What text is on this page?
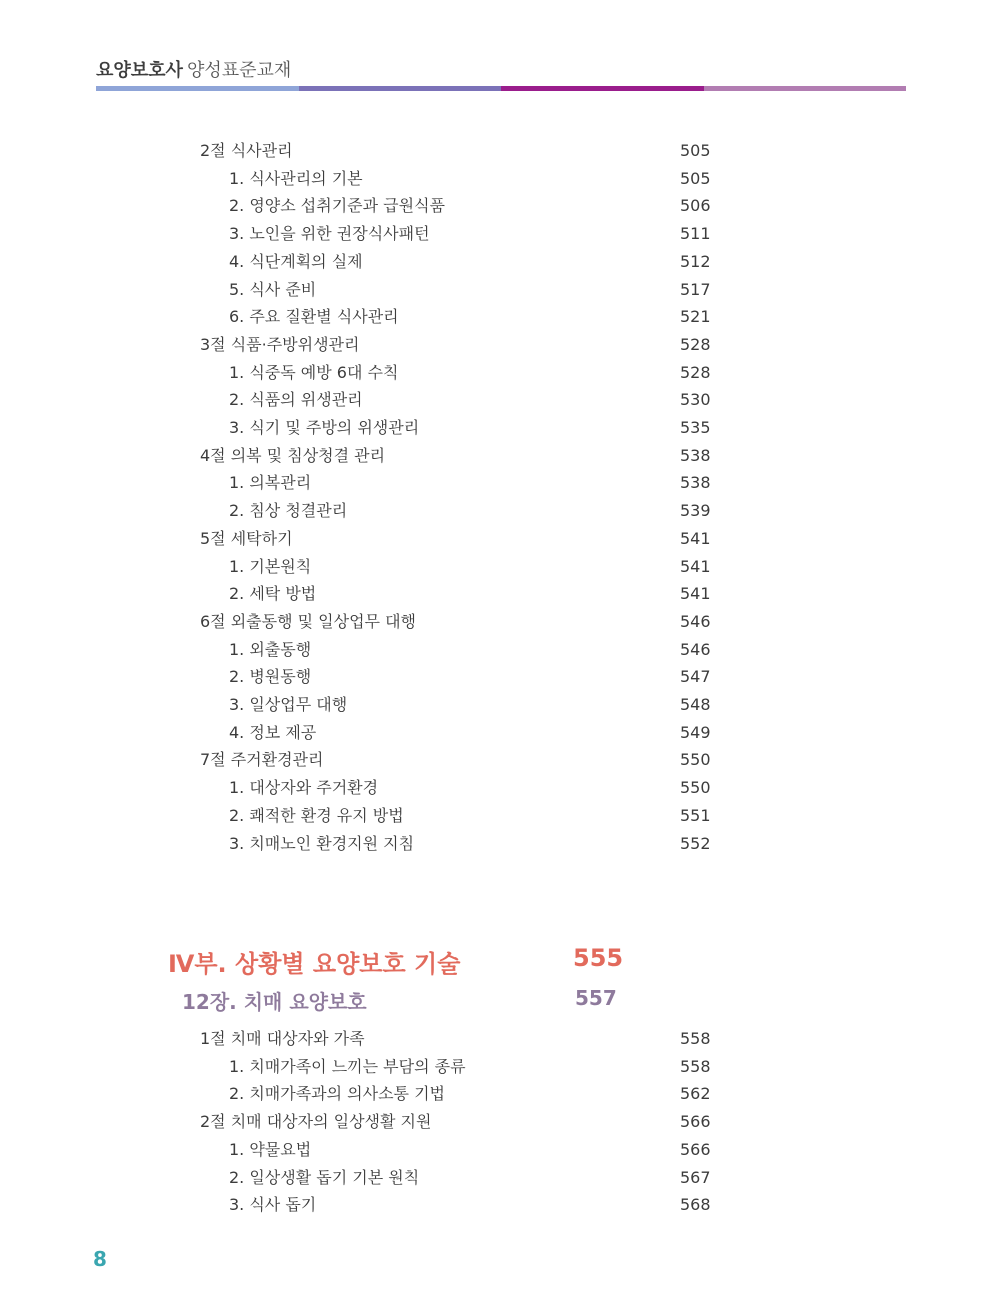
요양보호사 양성표준교재
2절 식사관리	505
1. 식사관리의 기본	505
2. 영양소 섭취기준과 급원식품	506
3. 노인을 위한 권장식사패턴	511
4. 식단계획의 실제	512
5. 식사 준비	517
6. 주요 질환별 식사관리	521
3절 식품·주방위생관리	528
1. 식중독 예방 6대 수칙	528
2. 식품의 위생관리	530
3. 식기 및 주방의 위생관리	535
4절 의복 및 침상청결 관리	538
1. 의복관리	538
2. 침상 청결관리	539
5절 세탁하기	541
1. 기본원칙	541
2. 세탁 방법	541
6절 외출동행 및 일상업무 대행	546
1. 외출동행	546
2. 병원동행	547
3. 일상업무 대행	548
4. 정보 제공	549
7절 주거환경관리	550
1. 대상자와 주거환경	550
2. 쾌적한 환경 유지 방법	551
3. 치매노인 환경지원 지침	552
Ⅳ부. 상황별 요양보호 기술	555
12장. 치매 요양보호	557
1절 치매 대상자와 가족	558
1. 치매가족이 느끼는 부담의 종류	558
2. 치매가족과의 의사소통 기법	562
2절 치매 대상자의 일상생활 지원	566
1. 약물요법	566
2. 일상생활 돕기 기본 원칙	567
3. 식사 돕기	568
8
